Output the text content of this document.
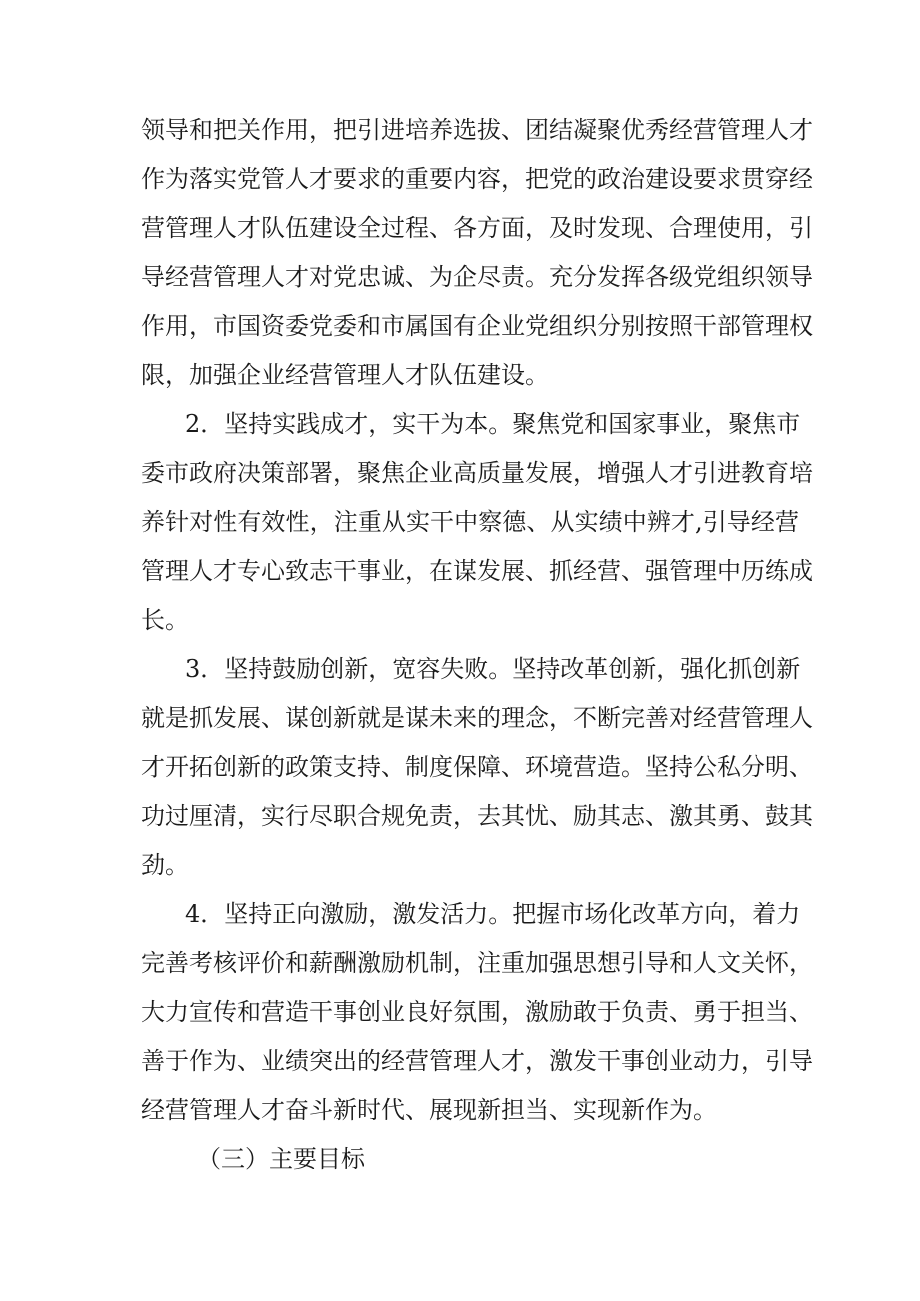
领导和把关作用，把引进培养选拔、团结凝聚优秀经营管理人才

作为落实党管人才要求的重要内容，把党的政治建设要求贯穿经

营管理人才队伍建设全过程、各方面，及时发现、合理使用，引

导经营管理人才对党忠诚、为企尽责。充分发挥各级党组织领导

作用，市国资委党委和市属国有企业党组织分别按照干部管理权

限，加强企业经营管理人才队伍建设。

2．坚持实践成才，实干为本。聚焦党和国家事业，聚焦市

委市政府决策部署，聚焦企业高质量发展，增强人才引进教育培

养针对性有效性，注重从实干中察德、从实绩中辨才,引导经营

管理人才专心致志干事业，在谋发展、抓经营、强管理中历练成

长。

3．坚持鼓励创新，宽容失败。坚持改革创新，强化抓创新

就是抓发展、谋创新就是谋未来的理念，不断完善对经营管理人

才开拓创新的政策支持、制度保障、环境营造。坚持公私分明、

功过厘清，实行尽职合规免责，去其忧、励其志、激其勇、鼓其

劲。

4．坚持正向激励，激发活力。把握市场化改革方向，着力

完善考核评价和薪酬激励机制，注重加强思想引导和人文关怀，

大力宣传和营造干事创业良好氛围，激励敢于负责、勇于担当、

善于作为、业绩突出的经营管理人才，激发干事创业动力，引导

经营管理人才奋斗新时代、展现新担当、实现新作为。

（三）主要目标
